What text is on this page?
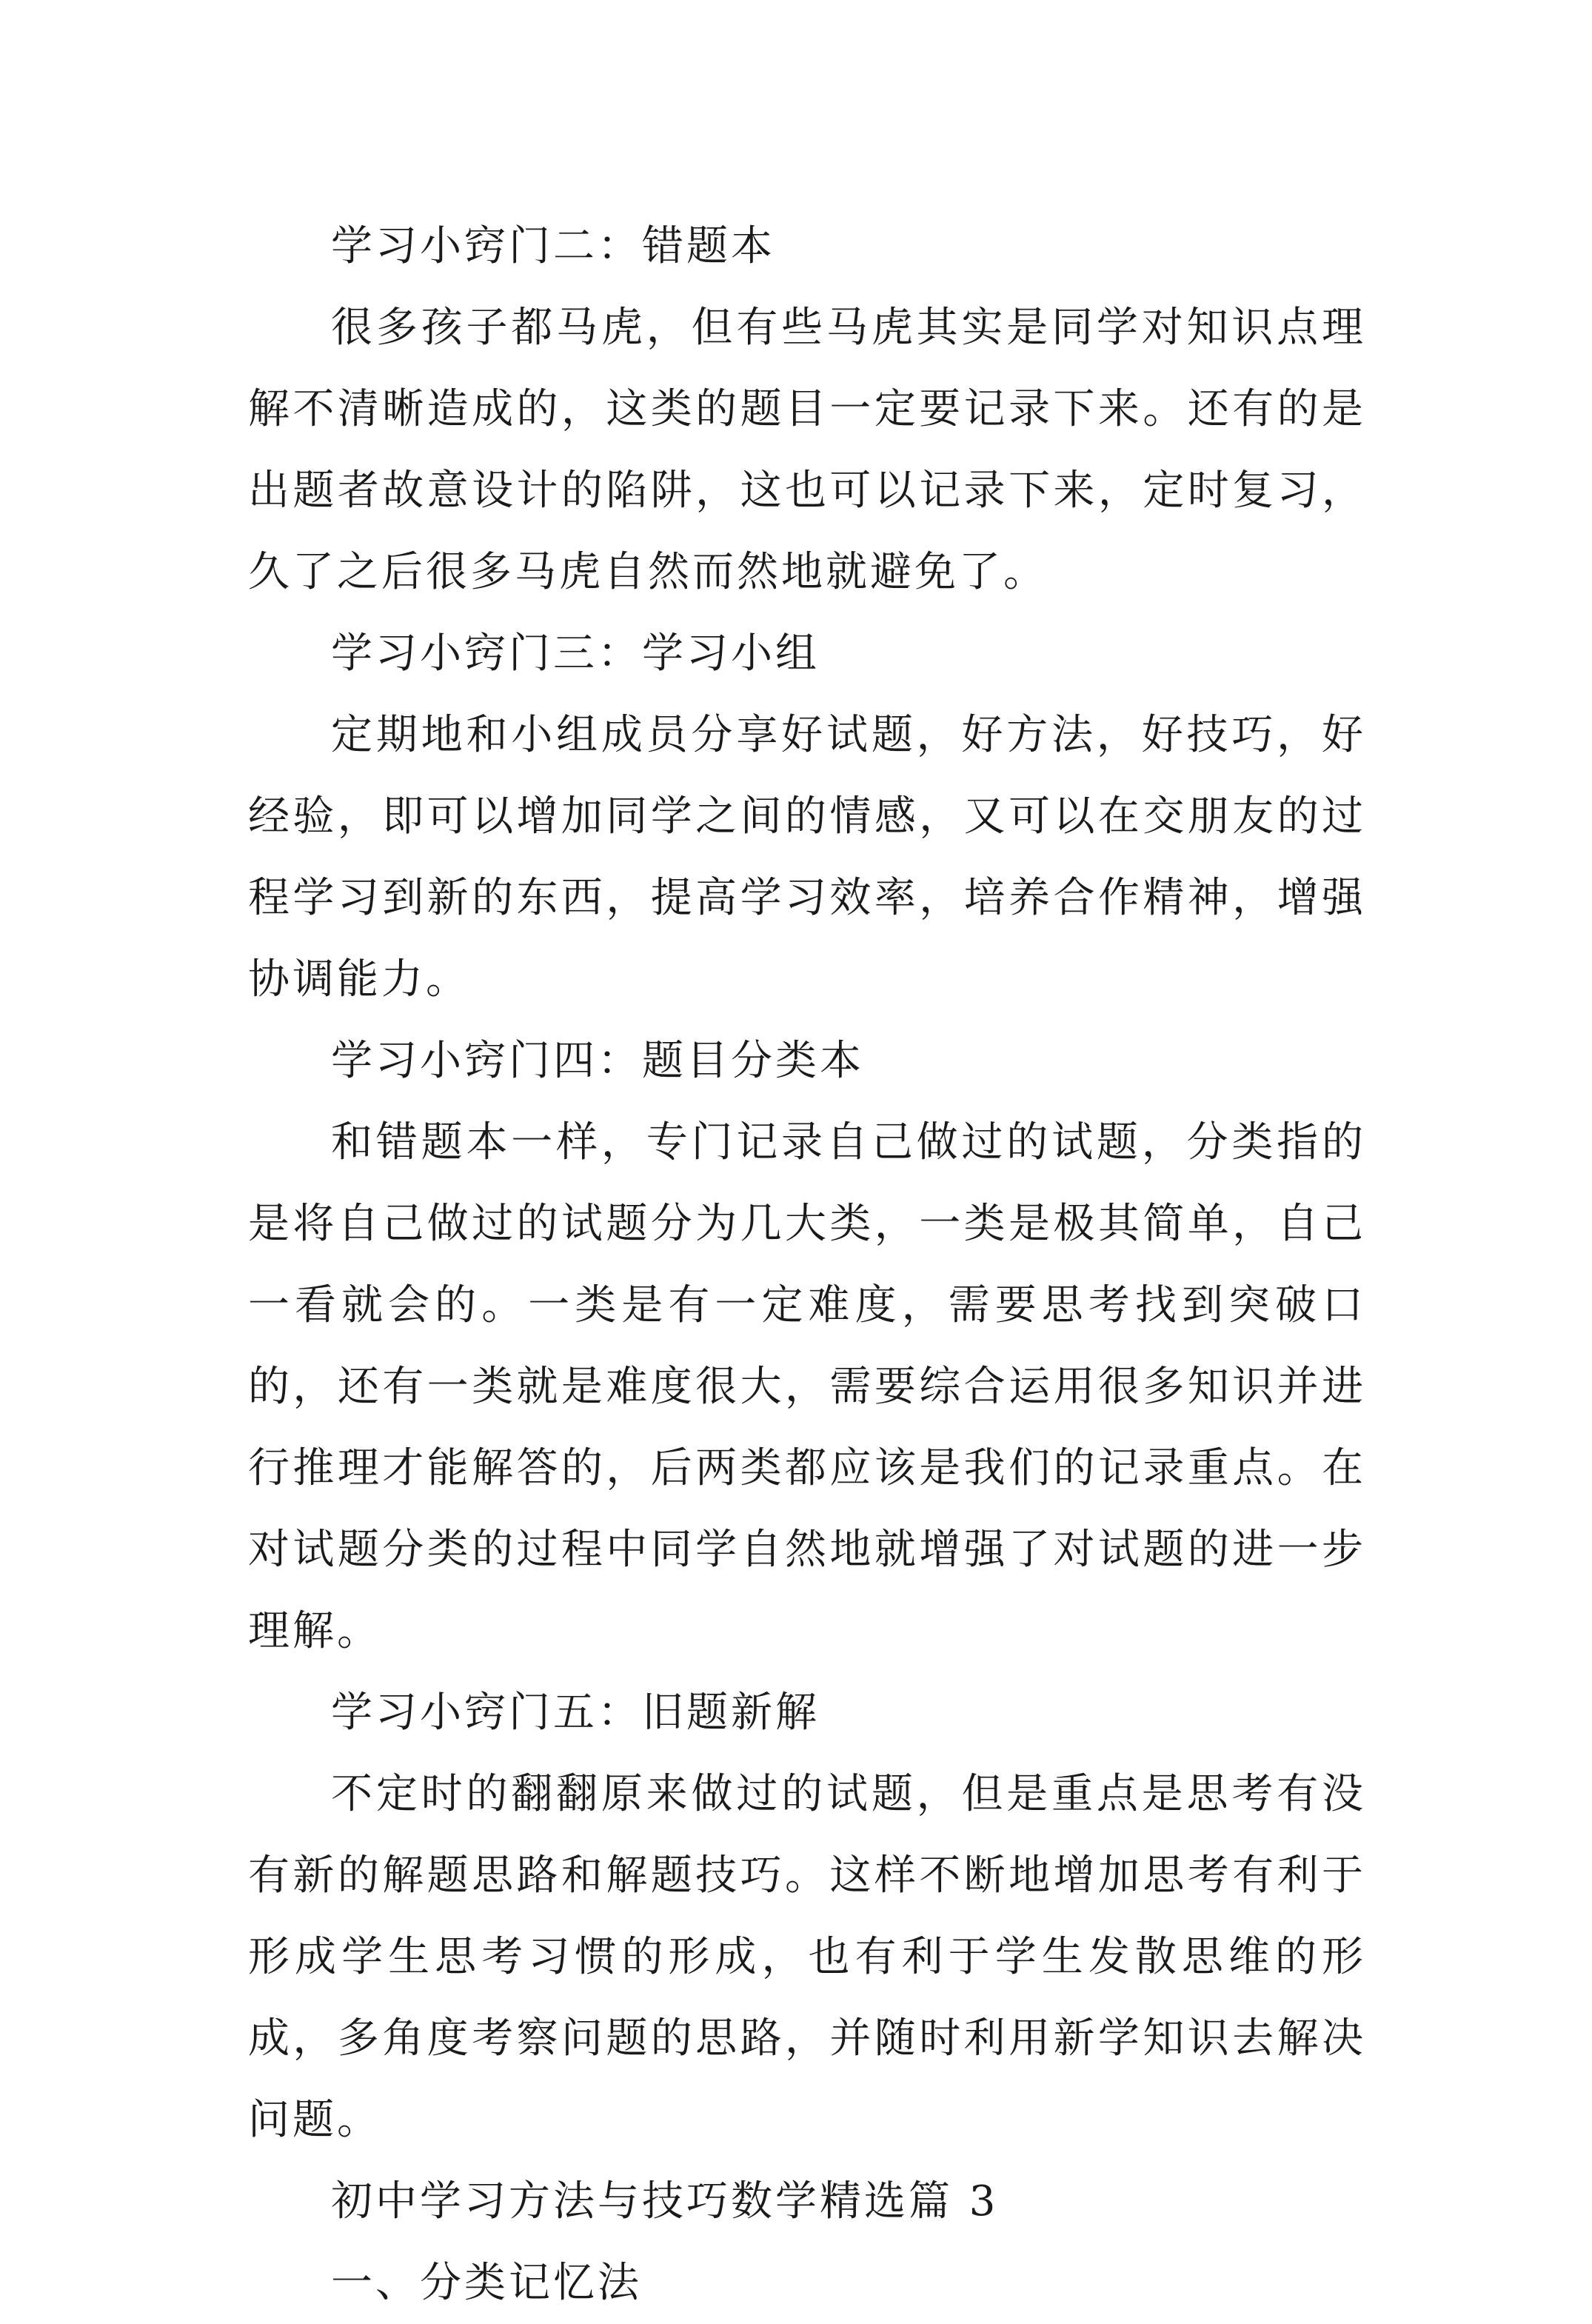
学习小窍门二：错题本

很多孩子都马虎，但有些马虎其实是同学对知识点理解不清晰造成的，这类的题目一定要记录下来。还有的是出题者故意设计的陷阱，这也可以记录下来，定时复习，久了之后很多马虎自然而然地就避免了。

学习小窍门三：学习小组

定期地和小组成员分享好试题，好方法，好技巧，好经验，即可以增加同学之间的情感，又可以在交朋友的过程学习到新的东西，提高学习效率，培养合作精神，增强协调能力。

学习小窍门四：题目分类本

和错题本一样，专门记录自己做过的试题，分类指的是将自己做过的试题分为几大类，一类是极其简单，自己一看就会的。一类是有一定难度，需要思考找到突破口的，还有一类就是难度很大，需要综合运用很多知识并进行推理才能解答的，后两类都应该是我们的记录重点。在对试题分类的过程中同学自然地就增强了对试题的进一步理解。

学习小窍门五：旧题新解

不定时的翻翻原来做过的试题，但是重点是思考有没有新的解题思路和解题技巧。这样不断地增加思考有利于形成学生思考习惯的形成，也有利于学生发散思维的形成，多角度考察问题的思路，并随时利用新学知识去解决问题。

初中学习方法与技巧数学精选篇 3

一、分类记忆法
